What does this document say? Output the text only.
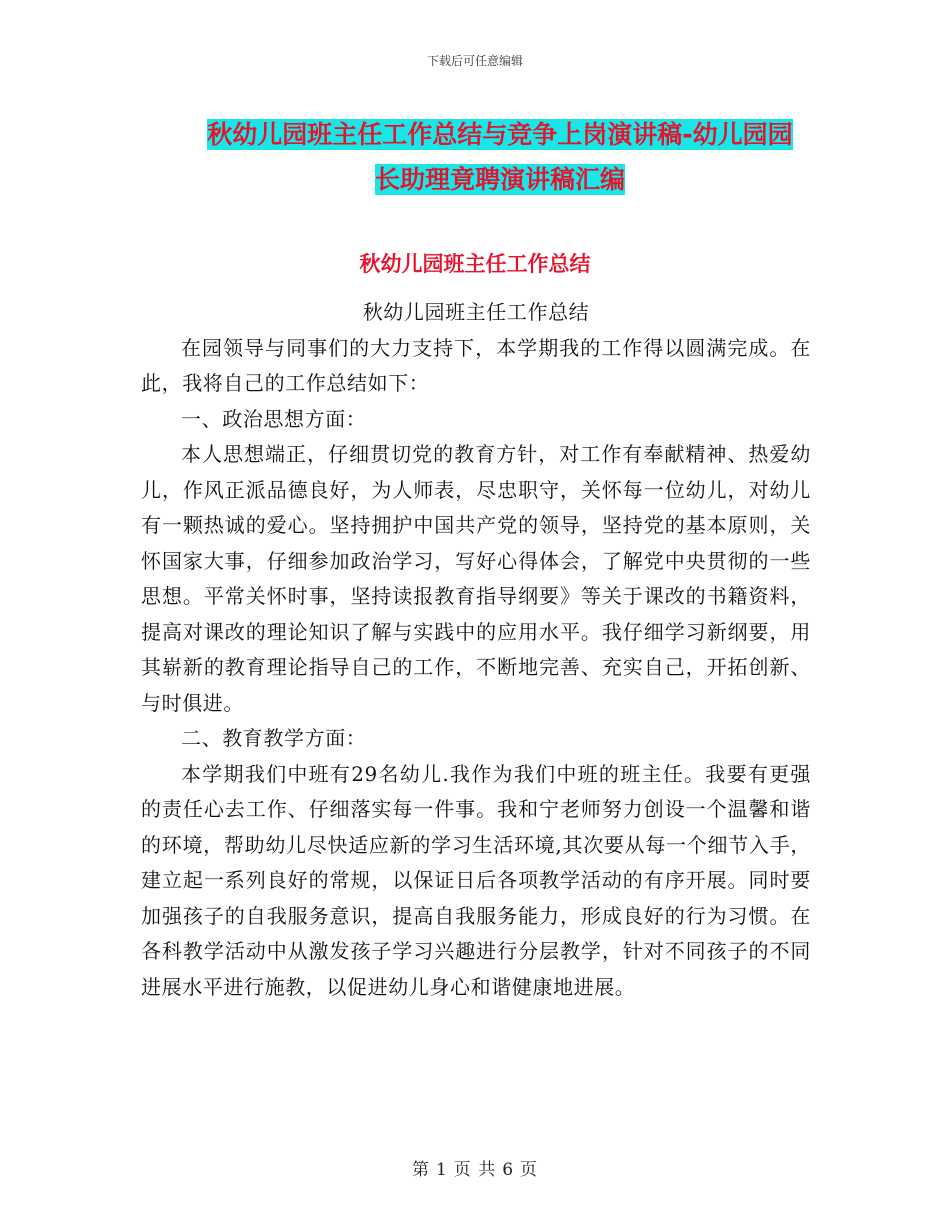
下载后可任意编辑
秋幼儿园班主任工作总结与竞争上岗演讲稿-幼儿园园
长助理竟聘演讲稿汇编
秋幼儿园班主任工作总结

秋幼儿园班主任工作总结

在园领导与同事们的大力支持下，本学期我的工作得以圆满完成。在此，我将自己的工作总结如下：

一、政治思想方面：

本人思想端正，仔细贯切党的教育方针，对工作有奉献精神、热爱幼儿，作风正派品德良好，为人师表，尽忠职守，关怀每一位幼儿，对幼儿有一颗热诚的爱心。坚持拥护中国共产党的领导，坚持党的基本原则，关怀国家大事，仔细参加政治学习，写好心得体会，了解党中央贯彻的一些思想。平常关怀时事，坚持读报教育指导纲要》等关于课改的书籍资料，提高对课改的理论知识了解与实践中的应用水平。我仔细学习新纲要，用其崭新的教育理论指导自己的工作，不断地完善、充实自己，开拓创新、与时俱进。

二、教育教学方面：

本学期我们中班有29名幼儿.我作为我们中班的班主任。我要有更强的责任心去工作、仔细落实每一件事。我和宁老师努力创设一个温馨和谐的环境，帮助幼儿尽快适应新的学习生活环境,其次要从每一个细节入手，建立起一系列良好的常规，以保证日后各项教学活动的有序开展。同时要加强孩子的自我服务意识，提高自我服务能力，形成良好的行为习惯。在各科教学活动中从激发孩子学习兴趣进行分层教学，针对不同孩子的不同进展水平进行施教，以促进幼儿身心和谐健康地进展。

第 1 页 共 6 页
